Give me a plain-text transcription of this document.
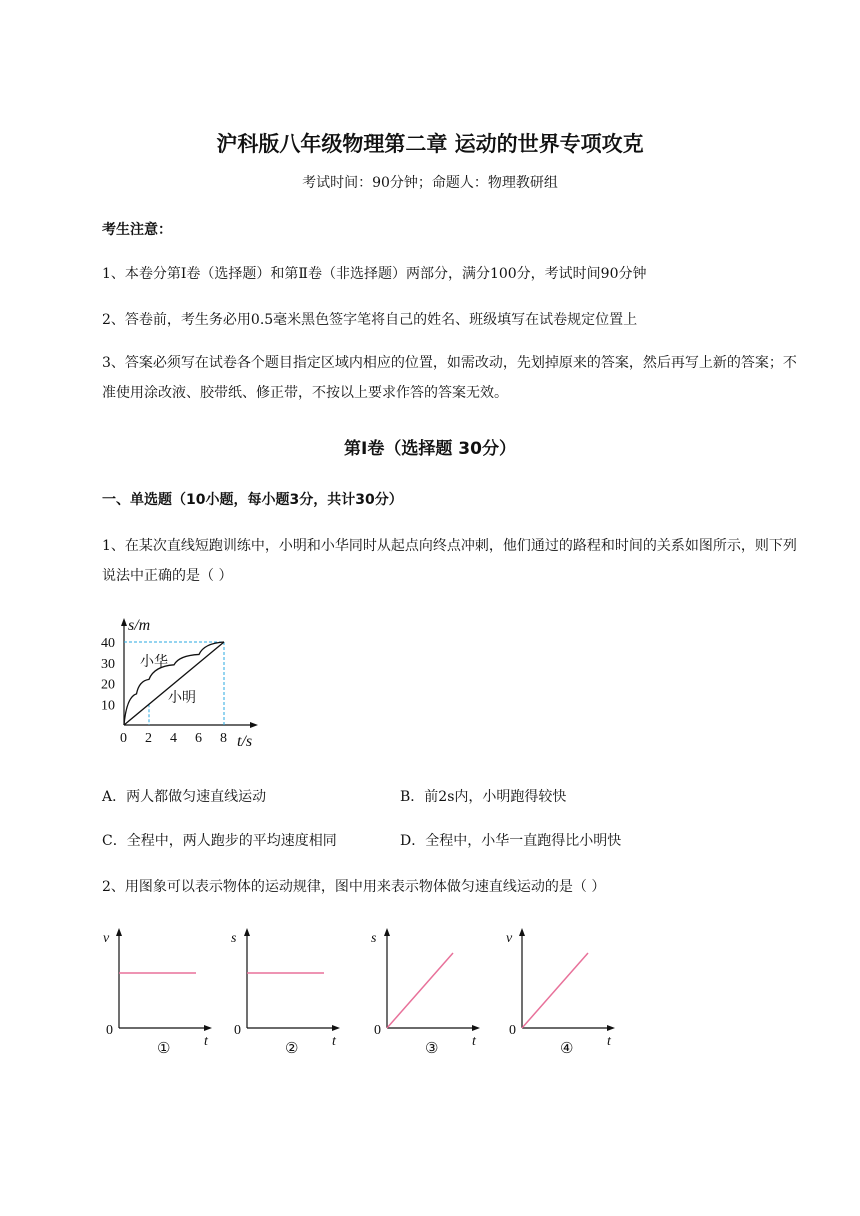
沪科版八年级物理第二章 运动的世界专项攻克
考试时间：90分钟；命题人：物理教研组
考生注意：
1、本卷分第Ⅰ卷（选择题）和第Ⅱ卷（非选择题）两部分，满分100分，考试时间90分钟
2、答卷前，考生务必用0.5毫米黑色签字笔将自己的姓名、班级填写在试卷规定位置上
3、答案必须写在试卷各个题目指定区域内相应的位置，如需改动，先划掉原来的答案，然后再写上新的答案；不准使用涂改液、胶带纸、修正带，不按以上要求作答的答案无效。
第Ⅰ卷（选择题 30分）
一、单选题（10小题，每小题3分，共计30分）
1、在某次直线短跑训练中，小明和小华同时从起点向终点冲刺，他们通过的路程和时间的关系如图所示，则下列说法中正确的是（ ）
小华
小明
s/m
t/s
0 2 4 6 8
10
20
30
40
A．两人都做匀速直线运动	B．前2s内，小明跑得较快
C．全程中，两人跑步的平均速度相同	D．全程中，小华一直跑得比小明快
2、用图象可以表示物体的运动规律，图中用来表示物体做匀速直线运动的是（ ）
v
t
0
①
s
t
0
②
s
t
0
③
v
t
0
④
